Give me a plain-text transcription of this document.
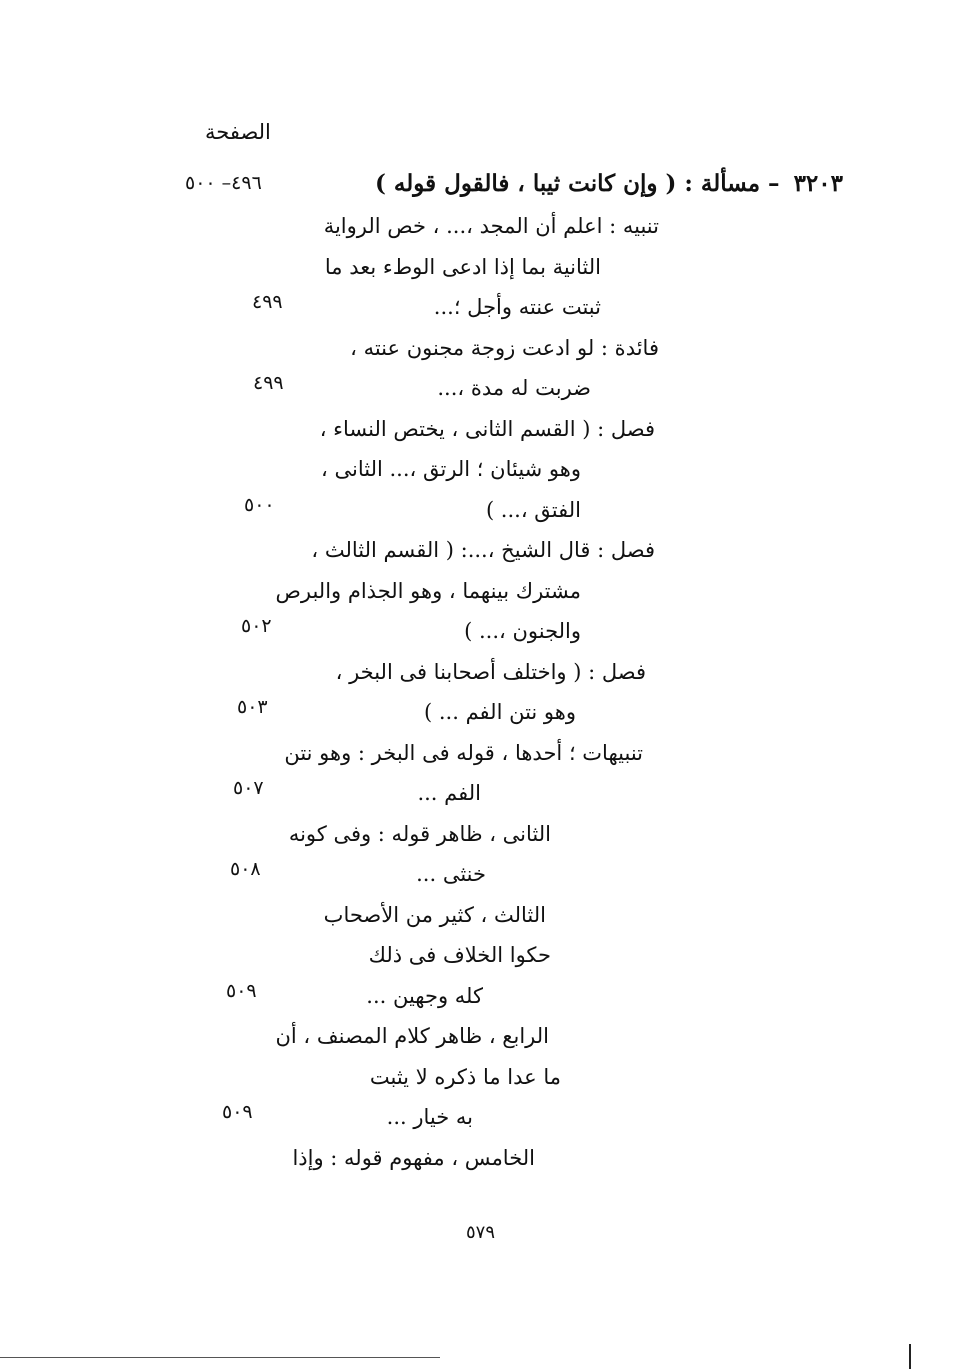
الصفحة
٣٢٠٣ – مسألة : ( وإن كانت ثيبا ، فالقول قوله )
٤٩٦– ٥٠٠
تنبيه : اعلم أن المجد ،... ، خص الرواية
الثانية بما إذا ادعى الوطء بعد ما
ثبتت عنته وأجل ؛...
٤٩٩
فائدة : لو ادعت زوجة مجنون عنته ،
ضربت له مدة ،...
٤٩٩
فصل : ( القسم الثانى ، يختص النساء ،
وهو شيئان ؛ الرتق ،... الثانى ،
الفتق ،... )
٥٠٠
فصل : قال الشيخ ،...: ( القسم الثالث ،
مشترك بينهما ، وهو الجذام والبرص
والجنون ،... )
٥٠٢
فصل : ( واختلف أصحابنا فى البخر ،
وهو نتن الفم ... )
٥٠٣
تنبيهات ؛ أحدها ، قوله فى البخر : وهو نتن
الفم ...
٥٠٧
الثانى ، ظاهر قوله : وفى كونه
خنثى ...
٥٠٨
الثالث ، كثير من الأصحاب
حكوا الخلاف فى ذلك
كله وجهين ...
٥٠٩
الرابع ، ظاهر كلام المصنف ، أن
ما عدا ما ذكره لا يثبت
به خيار ...
٥٠٩
الخامس ، مفهوم قوله : وإذا
٥٧٩
